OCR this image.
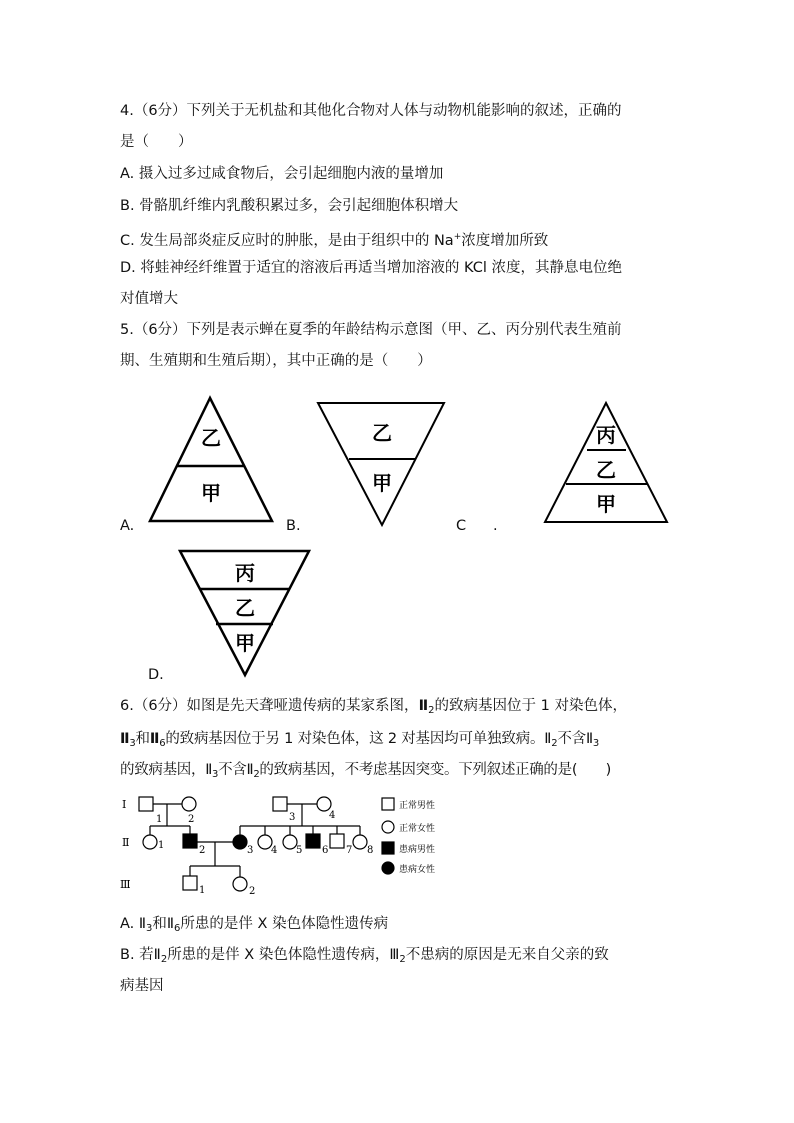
4.（6分）下列关于无机盐和其他化合物对人体与动物机能影响的叙述，正确的
是（　　）
A. 摄入过多过咸食物后，会引起细胞内液的量增加
B. 骨骼肌纤维内乳酸积累过多，会引起细胞体积增大
C. 发生局部炎症反应时的肿胀，是由于组织中的 Na+浓度增加所致
D. 将蛙神经纤维置于适宜的溶液后再适当增加溶液的 KCl 浓度，其静息电位绝
对值增大
5.（6分）下列是表示蝉在夏季的年龄结构示意图（甲、乙、丙分别代表生殖前
期、生殖期和生殖后期），其中正确的是（　　）
A.	B.	C .
D.
乙
甲
乙
甲
丙
乙
甲
丙
乙
甲
Ⅰ
Ⅱ
Ⅲ
1	2	3	4
1	2	3 4 5 6 7 8
1	2
正常男性
正常女性
患病男性
患病女性
6.（6分）如图是先天聋哑遗传病的某家系图，$Ⅱ_2$的致病基因位于 1 对染色体，
$Ⅱ_3$和$Ⅱ_6$的致病基因位于另 1 对染色体，这 2 对基因均可单独致病。$Ⅱ_2$不含$Ⅱ_3$
的致病基因，$Ⅱ_3$不含$Ⅱ_2$的致病基因，不考虑基因突变。下列叙述正确的是(　　)
A. $Ⅱ_3$和$Ⅱ_6$所患的是伴 X 染色体隐性遗传病
B. 若$Ⅱ_2$所患的是伴 X 染色体隐性遗传病，$Ⅲ_2$不患病的原因是无来自父亲的致
病基因
